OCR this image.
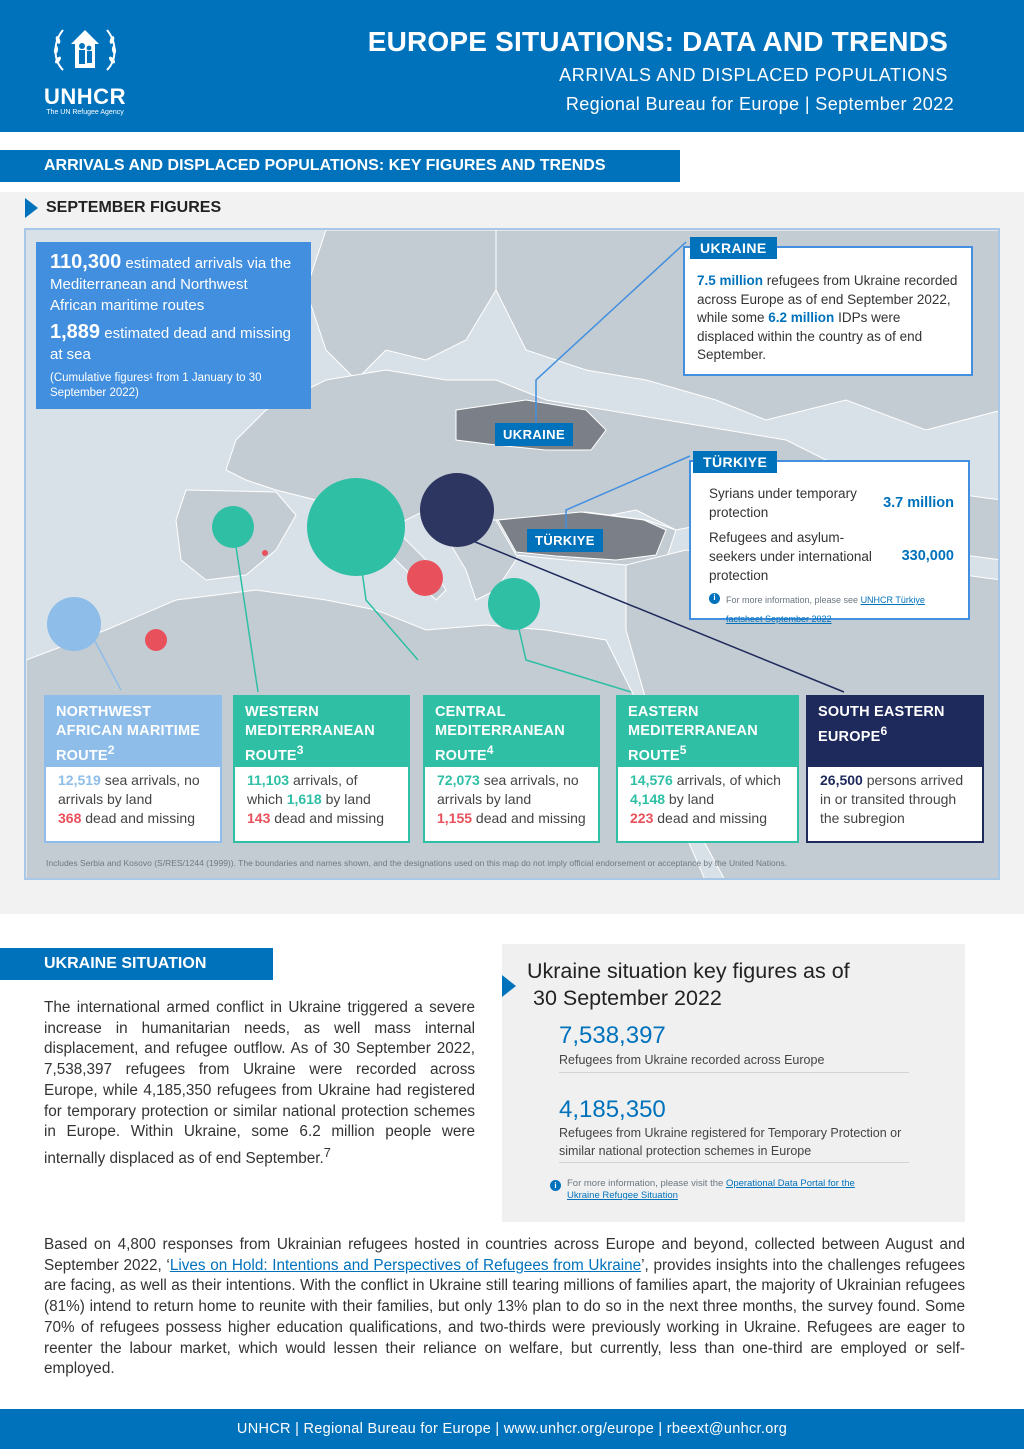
UNHCR
The UN Refugee Agency
EUROPE SITUATIONS: DATA AND TRENDS
ARRIVALS AND DISPLACED POPULATIONS
Regional Bureau for Europe | September 2022
ARRIVALS AND DISPLACED POPULATIONS: KEY FIGURES AND TRENDS
SEPTEMBER FIGURES
Includes Serbia and Kosovo (S/RES/1244 (1999)). The boundaries and names shown, and the designations used on this map do not imply official endorsement or acceptance by the United Nations.
110,300 estimated arrivals via the Mediterranean and Northwest African maritime routes
1,889 estimated dead and missing at sea
(Cumulative figures¹ from 1 January to 30 September 2022)
7.5 million refugees from Ukraine recorded across Europe as of end September 2022, while some 6.2 million IDPs were displaced within the country as of end September.
UKRAINE
Syrians under temporary protection
3.7 million
Refugees and asylum-seekers under international protection
330,000
i	For more information, please see UNHCR Türkiye factsheet September 2022
TÜRKIYE
UKRAINE
TÜRKIYE
NORTHWEST AFRICAN MARITIME ROUTE$^2$
12,519 sea arrivals, no arrivals by land
368 dead and missing
WESTERN MEDITERRANEAN ROUTE$^3$
11,103 arrivals, of which 1,618 by land
143 dead and missing
CENTRAL MEDITERRANEAN ROUTE$^4$
72,073 sea arrivals, no arrivals by land
1,155 dead and missing
EASTERN MEDITERRANEAN ROUTE$^5$
14,576 arrivals, of which 4,148 by land
223 dead and missing
SOUTH EASTERN EUROPE$^6$
26,500 persons arrived in or transited through the subregion
UKRAINE SITUATION
The international armed conflict in Ukraine triggered a severe increase in humanitarian needs, as well mass internal displacement, and refugee outflow. As of 30 September 2022, 7,538,397 refugees from Ukraine were recorded across Europe, while 4,185,350 refugees from Ukraine had registered for temporary protection or similar national protection schemes in Europe. Within Ukraine, some 6.2 million people were internally displaced as of end September.$^7$
Ukraine situation key figures as of
30 September 2022
7,538,397
Refugees from Ukraine recorded across Europe
4,185,350
Refugees from Ukraine registered for Temporary Protection or similar national protection schemes in Europe
i	For more information, please visit the Operational Data Portal for the Ukraine Refugee Situation
Based on 4,800 responses from Ukrainian refugees hosted in countries across Europe and beyond, collected between August and September 2022, ‘Lives on Hold: Intentions and Perspectives of Refugees from Ukraine’, provides insights into the challenges refugees are facing, as well as their intentions. With the conflict in Ukraine still tearing millions of families apart, the majority of Ukrainian refugees (81%) intend to return home to reunite with their families, but only 13% plan to do so in the next three months, the survey found. Some 70% of refugees possess higher education qualifications, and two-thirds were previously working in Ukraine. Refugees are eager to reenter the labour market, which would lessen their reliance on welfare, but currently, less than one-third are employed or self-employed.
UNHCR | Regional Bureau for Europe | www.unhcr.org/europe | rbeext@unhcr.org
